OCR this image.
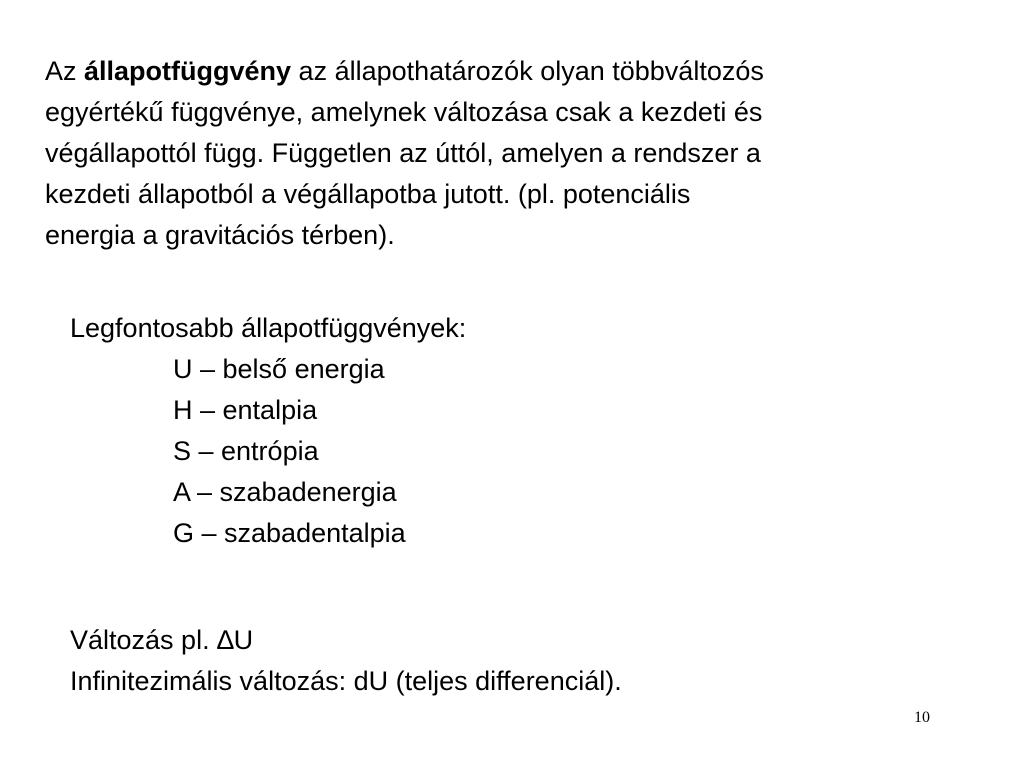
Az állapotfüggvény az állapothatározók olyan többváltozós
egyértékű függvénye, amelynek változása csak a kezdeti és
végállapottól függ. Független az úttól, amelyen a rendszer a
kezdeti állapotból a végállapotba jutott. (pl. potenciális
energia a gravitációs térben).

Legfontosabb állapotfüggvények:
U – belső energia
H – entalpia
S – entrópia
A – szabadenergia
G – szabadentalpia
Változás pl. ∆U
Infinitezimális változás: dU (teljes differenciál).
10
